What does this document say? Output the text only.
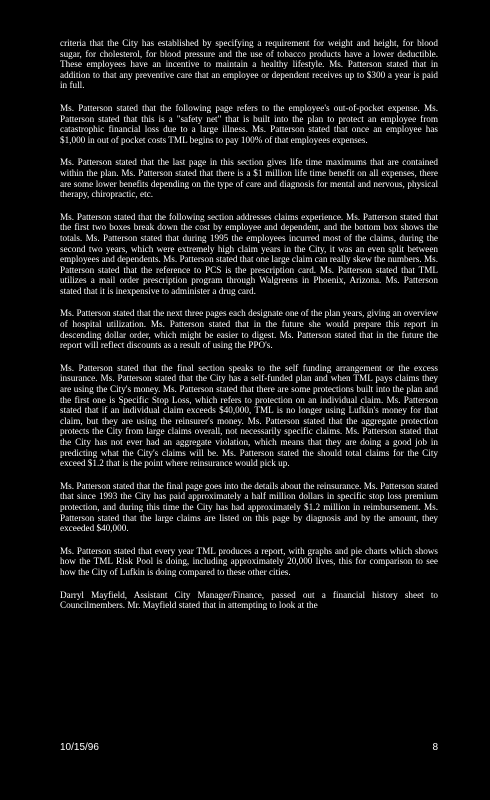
criteria that the City has established by specifying a requirement for weight and height, for blood sugar, for cholesterol, for blood pressure and the use of tobacco products have a lower deductible. These employees have an incentive to maintain a healthy lifestyle. Ms. Patterson stated that in addition to that any preventive care that an employee or dependent receives up to $300 a year is paid in full.

Ms. Patterson stated that the following page refers to the employee's out-of-pocket expense. Ms. Patterson stated that this is a "safety net" that is built into the plan to protect an employee from catastrophic financial loss due to a large illness. Ms. Patterson stated that once an employee has $1,000 in out of pocket costs TML begins to pay 100% of that employees expenses.

Ms. Patterson stated that the last page in this section gives life time maximums that are contained within the plan. Ms. Patterson stated that there is a $1 million life time benefit on all expenses, there are some lower benefits depending on the type of care and diagnosis for mental and nervous, physical therapy, chiropractic, etc.

Ms. Patterson stated that the following section addresses claims experience. Ms. Patterson stated that the first two boxes break down the cost by employee and dependent, and the bottom box shows the totals. Ms. Patterson stated that during 1995 the employees incurred most of the claims, during the second two years, which were extremely high claim years in the City, it was an even split between employees and dependents. Ms. Patterson stated that one large claim can really skew the numbers. Ms. Patterson stated that the reference to PCS is the prescription card. Ms. Patterson stated that TML utilizes a mail order prescription program through Walgreens in Phoenix, Arizona. Ms. Patterson stated that it is inexpensive to administer a drug card.

Ms. Patterson stated that the next three pages each designate one of the plan years, giving an overview of hospital utilization. Ms. Patterson stated that in the future she would prepare this report in descending dollar order, which might be easier to digest. Ms. Patterson stated that in the future the report will reflect discounts as a result of using the PPO's.

Ms. Patterson stated that the final section speaks to the self funding arrangement or the excess insurance. Ms. Patterson stated that the City has a self-funded plan and when TML pays claims they are using the City's money. Ms. Patterson stated that there are some protections built into the plan and the first one is Specific Stop Loss, which refers to protection on an individual claim. Ms. Patterson stated that if an individual claim exceeds $40,000, TML is no longer using Lufkin's money for that claim, but they are using the reinsurer's money. Ms. Patterson stated that the aggregate protection protects the City from large claims overall, not necessarily specific claims. Ms. Patterson stated that the City has not ever had an aggregate violation, which means that they are doing a good job in predicting what the City's claims will be. Ms. Patterson stated the should total claims for the City exceed $1.2 that is the point where reinsurance would pick up.

Ms. Patterson stated that the final page goes into the details about the reinsurance. Ms. Patterson stated that since 1993 the City has paid approximately a half million dollars in specific stop loss premium protection, and during this time the City has had approximately $1.2 million in reimbursement. Ms. Patterson stated that the large claims are listed on this page by diagnosis and by the amount, they exceeded $40,000.

Ms. Patterson stated that every year TML produces a report, with graphs and pie charts which shows how the TML Risk Pool is doing, including approximately 20,000 lives, this for comparison to see how the City of Lufkin is doing compared to these other cities.

Darryl Mayfield, Assistant City Manager/Finance, passed out a financial history sheet to Councilmembers. Mr. Mayfield stated that in attempting to look at the

10/15/96	8
